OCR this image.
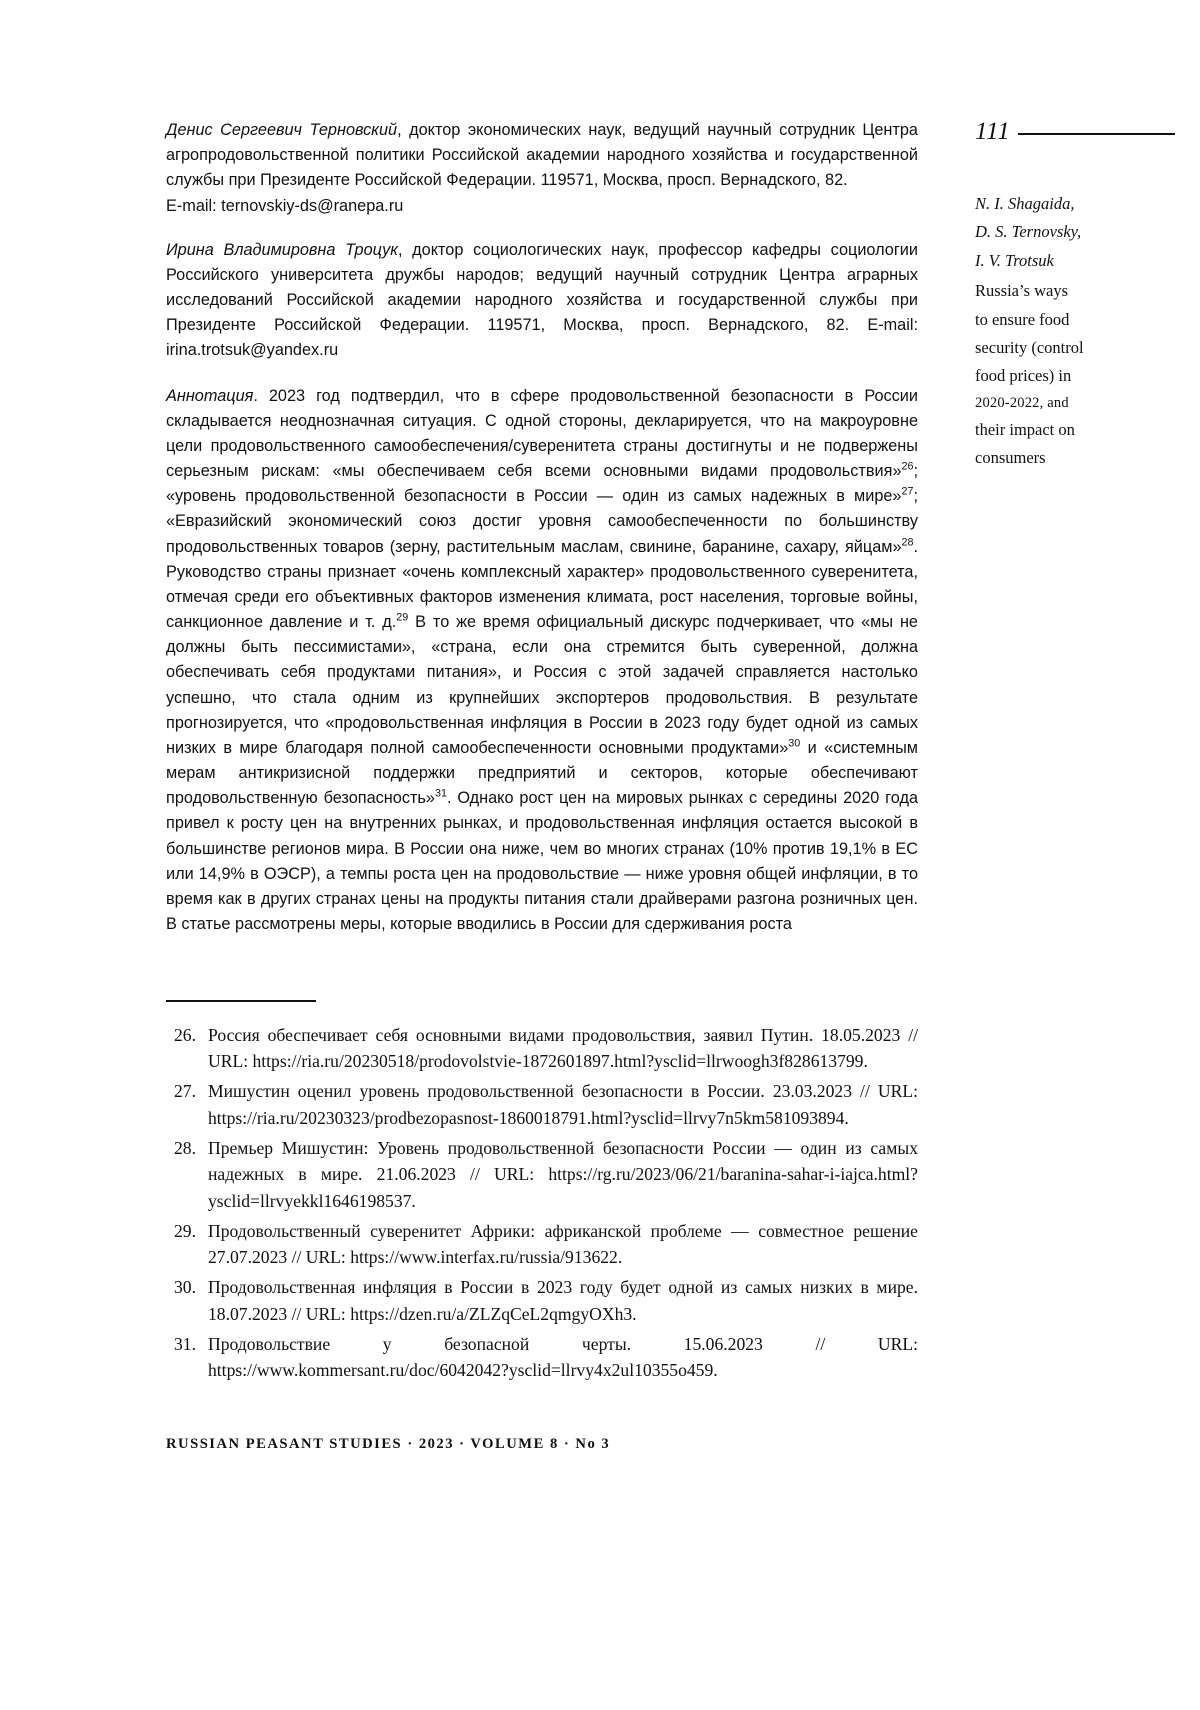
111
N. I. Shagaida,
D. S. Ternovsky,
I. V. Trotsuk
Russia’s ways
to ensure food
security (control
food prices) in
2020-2022, and
their impact on
consumers
Денис Сергеевич Терновский, доктор экономических наук, ведущий научный сотрудник Центра агропродовольственной политики Российской академии народного хозяйства и государственной службы при Президенте Российской Федерации. 119571, Москва, просп. Вернадского, 82.
E-mail: ternovskiy-ds@ranepa.ru
Ирина Владимировна Троцук, доктор социологических наук, профессор кафедры социологии Российского университета дружбы народов; ведущий научный сотрудник Центра аграрных исследований Российской академии народного хозяйства и государственной службы при Президенте Российской Федерации. 119571, Москва, просп. Вернадского, 82. E-mail: irina.trotsuk@yandex.ru
Аннотация. 2023 год подтвердил, что в сфере продовольственной безопасности в России складывается неоднозначная ситуация. С одной стороны, декларируется, что на макроуровне цели продовольственного самообеспечения/суверенитета страны достигнуты и не подвержены серьезным рискам: «мы обеспечиваем себя всеми основными видами продовольствия»$^{26}$; «уровень продовольственной безопасности в России — один из самых надежных в мире»$^{27}$; «Евразийский экономический союз достиг уровня самообеспеченности по большинству продовольственных товаров (зерну, растительным маслам, свинине, баранине, сахару, яйцам»$^{28}$. Руководство страны признает «очень комплексный характер» продовольственного суверенитета, отмечая среди его объективных факторов изменения климата, рост населения, торговые войны, санкционное давление и т. д.$^{29}$ В то же время официальный дискурс подчеркивает, что «мы не должны быть пессимистами», «страна, если она стремится быть суверенной, должна обеспечивать себя продуктами питания», и Россия с этой задачей справляется настолько успешно, что стала одним из крупнейших экспортеров продовольствия. В результате прогнозируется, что «продовольственная инфляция в России в 2023 году будет одной из самых низких в мире благодаря полной самообеспеченности основными продуктами»$^{30}$ и «системным мерам антикризисной поддержки предприятий и секторов, которые обеспечивают продовольственную безопасность»$^{31}$. Однако рост цен на мировых рынках с середины 2020 года привел к росту цен на внутренних рынках, и продовольственная инфляция остается высокой в большинстве регионов мира. В России она ниже, чем во многих странах (10% против 19,1% в ЕС или 14,9% в ОЭСР), а темпы роста цен на продовольствие — ниже уровня общей инфляции, в то время как в других странах цены на продукты питания стали драйверами разгона розничных цен. В статье рассмотрены меры, которые вводились в России для сдерживания роста
26. Россия обеспечивает себя основными видами продовольствия, заявил Путин. 18.05.2023 // URL: https://ria.ru/20230518/prodovolstvie-1872601897.html?ysclid=llrwoogh3f828613799.
27. Мишустин оценил уровень продовольственной безопасности в России. 23.03.2023 // URL: https://ria.ru/20230323/prodbezopasnost-1860018791.html?ysclid=llrvy7n5km581093894.
28. Премьер Мишустин: Уровень продовольственной безопасности России — один из самых надежных в мире. 21.06.2023 // URL: https://rg.ru/2023/06/21/baranina-sahar-i-iajca.html?ysclid=llrvyekkl1646198537.
29. Продовольственный суверенитет Африки: африканской проблеме — совместное решение 27.07.2023 // URL: https://www.interfax.ru/russia/913622.
30. Продовольственная инфляция в России в 2023 году будет одной из самых низких в мире. 18.07.2023 // URL: https://dzen.ru/a/ZLZqCeL2qmgyOXh3.
31. Продовольствие у безопасной черты. 15.06.2023 // URL: https://www.kommersant.ru/doc/6042042?ysclid=llrvy4x2ul10355o459.
RUSSIAN PEASANT STUDIES · 2023 · VOLUME 8 · No 3
